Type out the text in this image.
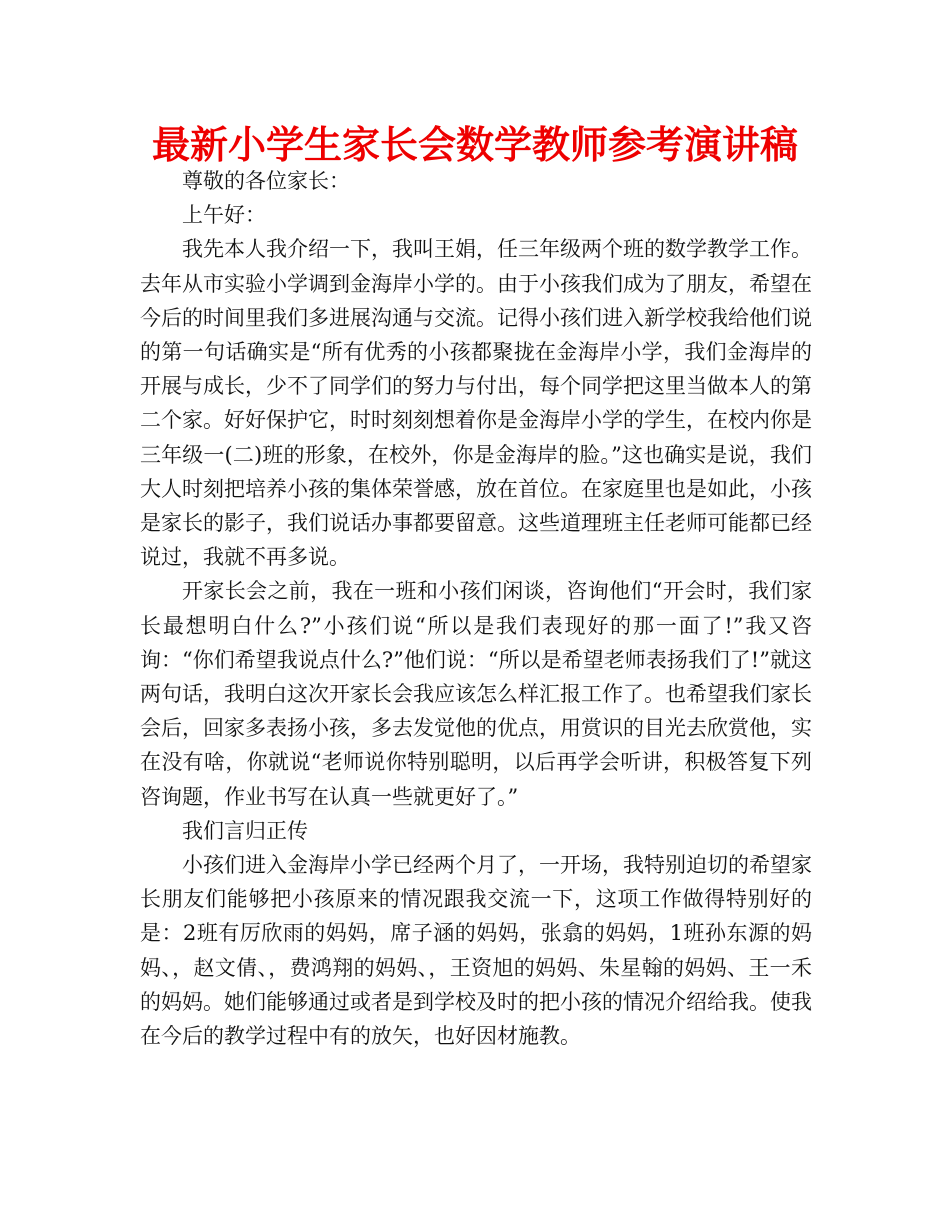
最新小学生家长会数学教师参考演讲稿

尊敬的各位家长：

上午好：

我先本人我介绍一下，我叫王娟，任三年级两个班的数学教学工作。去年从市实验小学调到金海岸小学的。由于小孩我们成为了朋友，希望在今后的时间里我们多进展沟通与交流。记得小孩们进入新学校我给他们说的第一句话确实是“所有优秀的小孩都聚拢在金海岸小学，我们金海岸的开展与成长，少不了同学们的努力与付出，每个同学把这里当做本人的第二个家。好好保护它，时时刻刻想着你是金海岸小学的学生，在校内你是三年级一(二)班的形象，在校外，你是金海岸的脸。”这也确实是说，我们大人时刻把培养小孩的集体荣誉感，放在首位。在家庭里也是如此，小孩是家长的影子，我们说话办事都要留意。这些道理班主任老师可能都已经说过，我就不再多说。

开家长会之前，我在一班和小孩们闲谈，咨询他们“开会时，我们家长最想明白什么?”小孩们说“所以是我们表现好的那一面了!”我又咨询：“你们希望我说点什么?”他们说：“所以是希望老师表扬我们了!”就这两句话，我明白这次开家长会我应该怎么样汇报工作了。也希望我们家长会后，回家多表扬小孩，多去发觉他的优点，用赏识的目光去欣赏他，实在没有啥，你就说“老师说你特别聪明，以后再学会听讲，积极答复下列咨询题，作业书写在认真一些就更好了。”

我们言归正传

小孩们进入金海岸小学已经两个月了，一开场，我特别迫切的希望家长朋友们能够把小孩原来的情况跟我交流一下，这项工作做得特别好的是：2班有厉欣雨的妈妈，席子涵的妈妈，张翕的妈妈，1班孙东源的妈妈、，赵文倩、，费鸿翔的妈妈、，王资旭的妈妈、朱星翰的妈妈、王一禾的妈妈。她们能够通过或者是到学校及时的把小孩的情况介绍给我。使我在今后的教学过程中有的放矢，也好因材施教。
